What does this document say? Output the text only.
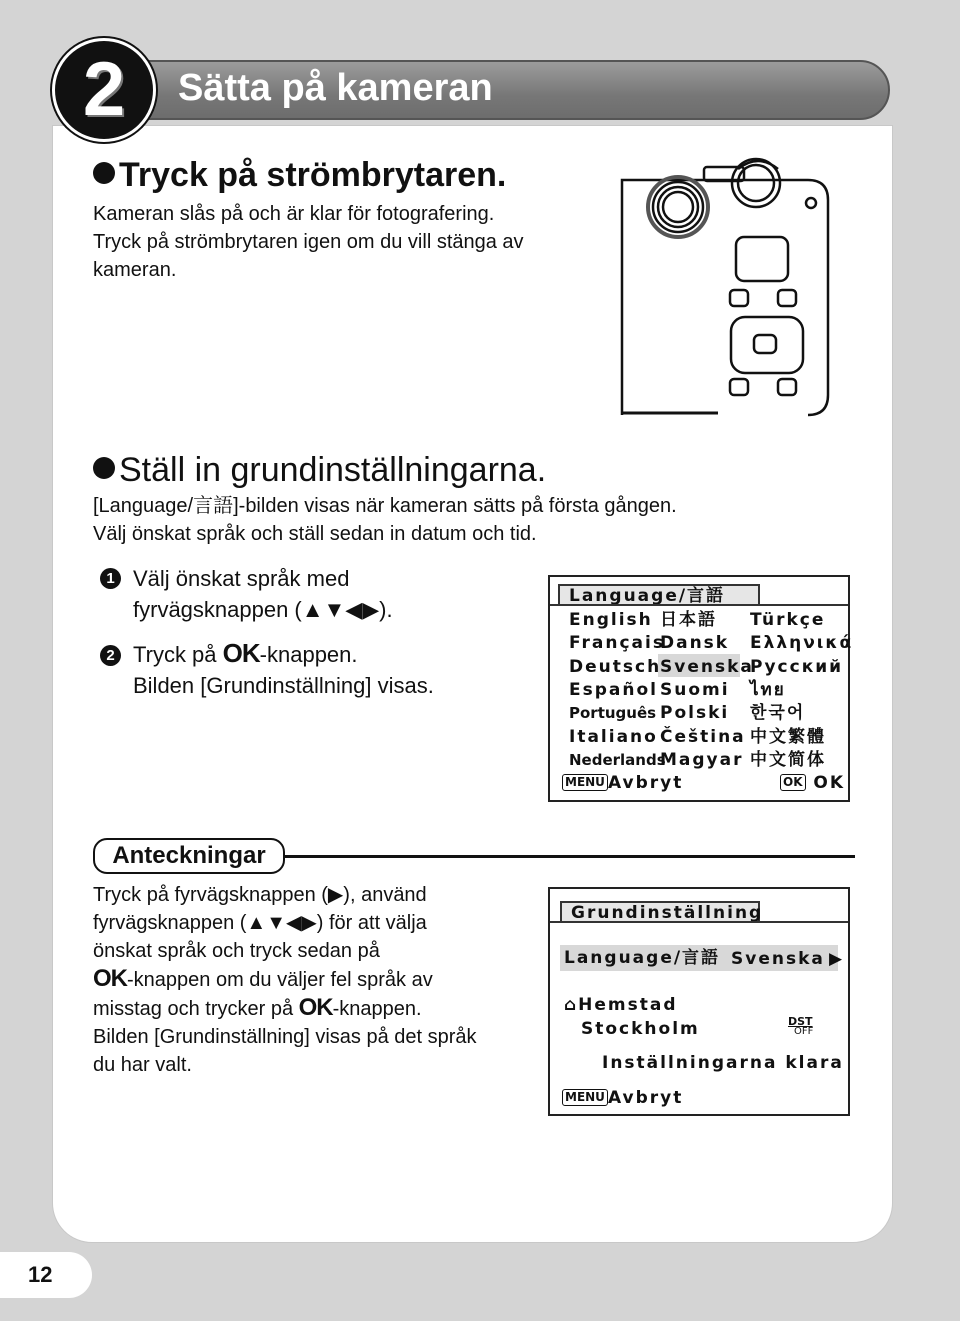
Sätta på kameran
2
Tryck på strömbrytaren.
Kameran slås på och är klar för fotografering.
Tryck på strömbrytaren igen om du vill stänga av
kameran.
Ställ in grundinställningarna.
[Language/言語]-bilden visas när kameran sätts på första gången.
Välj önskat språk och ställ sedan in datum och tid.
1 Välj önskat språk med
fyrvägsknappen (▲▼◀▶).
2 Tryck på OK-knappen.
Bilden [Grundinställning] visas.
Language/言語
English
Français
Deutsch
Español
Português
Italiano
Nederlands
日本語
Dansk
Svenska
Suomi
Polski
Čeština
Magyar
Türkçe
Ελληνικά
Русский
ไทย
한국어
中文繁體
中文简体
MENU Avbryt	OK OK
Anteckningar
Tryck på fyrvägsknappen (▶), använd
fyrvägsknappen (▲▼◀▶) för att välja
önskat språk och tryck sedan på
OK-knappen om du väljer fel språk av
misstag och trycker på OK-knappen.
Bilden [Grundinställning] visas på det språk
du har valt.
Grundinställning
Language/言語 Svenska ▶
⌂Hemstad
Stockholm	DST
OFF
Inställningarna klara
MENU Avbryt
12
